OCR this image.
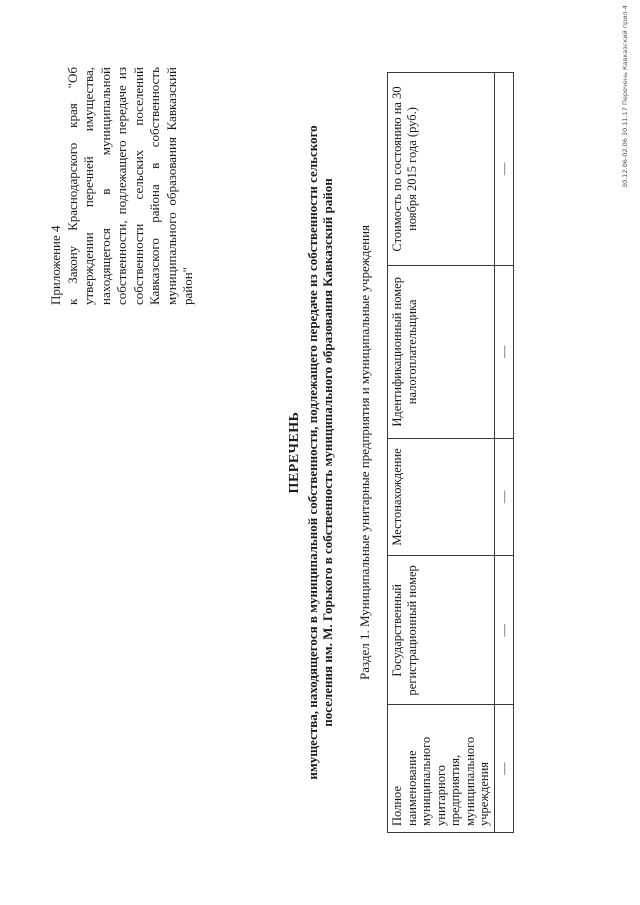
Приложение 4 к Закону Краснодарского края "Об утверждении перечней имущества, находящегося в муниципальной собственности, подлежащего передаче из собственности сельских поселений Кавказского района в собственность муниципального образования Кавказский район"
ПЕРЕЧЕНЬ имущества, находящегося в муниципальной собственности, подлежащего передаче из собственности сельского поселения им. М. Горького в собственность муниципального образования Кавказский район Раздел 1. Муниципальные унитарные предприятия и муниципальные учреждения
Полное наименование муниципального унитарного предприятия, муниципального учреждения	Государственный регистрационный номер	Местонахождение	Идентификационный номер налогоплательщика	Стоимость по состоянию на 30 ноября 2015 года (руб.)
—	—	—	—	—	30.12.06-02.06 30.11.17 Перечень Кавказский прил-4
